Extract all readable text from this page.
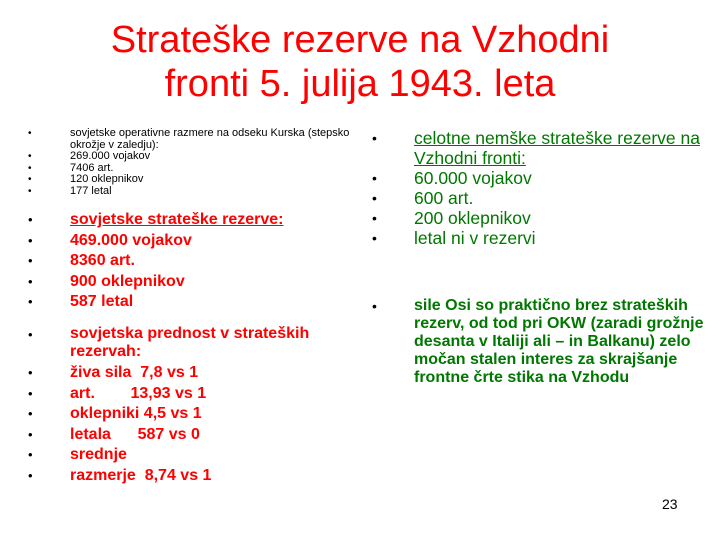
Strateške rezerve na Vzhodni
fronti 5. julija 1943. leta
•	sovjetske operativne razmere na odseku Kurska (stepsko okrožje v zaledju):
•	269.000 vojakov
•	7406 art.
•	120 oklepnikov
•	177 letal
• sovjetske strateške rezerve:
• 469.000 vojakov
• 8360 art.
• 900 oklepnikov
• 587 letal
• sovjetska prednost v strateških rezervah:
• živa sila  7,8 vs 1
• art.        13,93 vs 1
• oklepniki 4,5 vs 1
• letala      587 vs 0
• srednje
• razmerje  8,74 vs 1
• celotne nemške strateške rezerve na Vzhodni fronti:
• 60.000 vojakov
• 600 art.
• 200 oklepnikov
• letal ni v rezervi
• sile Osi so praktično brez strateških rezerv, od tod pri OKW (zaradi grožnje desanta v Italiji ali – in Balkanu) zelo močan stalen interes za skrajšanje frontne črte stika na Vzhodu
23
